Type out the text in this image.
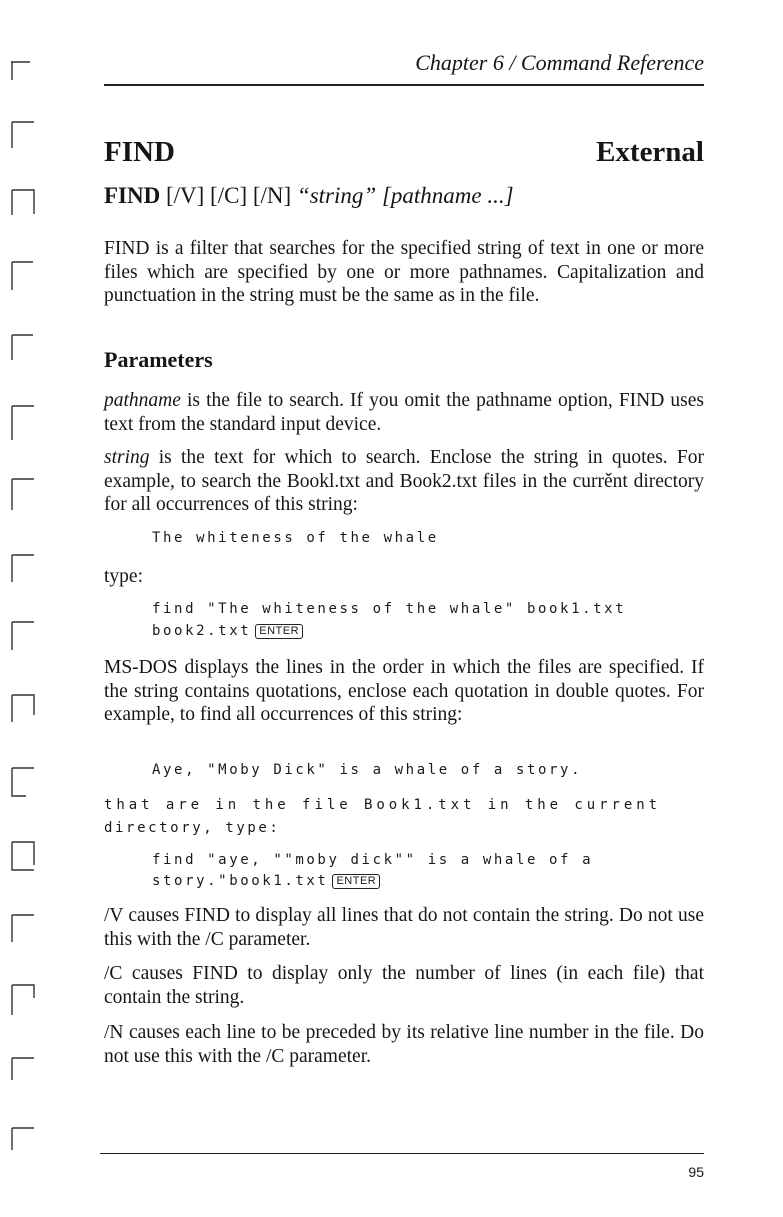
Chapter 6 / Command Reference
FIND	External
FIND [/V] [/C] [/N] “string” [pathname ...]

FIND is a filter that searches for the specified string of text in one or more files which are specified by one or more pathnames. Capitalization and punctuation in the string must be the same as in the file.

Parameters

pathname is the file to search. If you omit the pathname option, FIND uses text from the standard input device.

string is the text for which to search. Enclose the string in quotes. For example, to search the Bookl.txt and Book2.txt files in the currěnt directory for all occurrences of this string:

The whiteness of the whale
type:
find "The whiteness of the whale" book1.txt
book2.txt ENTER

MS-DOS displays the lines in the order in which the files are specified. If the string contains quotations, enclose each quotation in double quotes. For example, to find all occurrences of this string:

Aye, "Moby Dick" is a whale of a story.
that are in the file Book1.txt in the current
directory, type:
find "aye, ""moby dick"" is a whale of a
story."book1.txt ENTER

/V causes FIND to display all lines that do not contain the string. Do not use this with the /C parameter.

/C causes FIND to display only the number of lines (in each file) that contain the string.

/N causes each line to be preceded by its relative line number in the file. Do not use this with the /C parameter.

95
